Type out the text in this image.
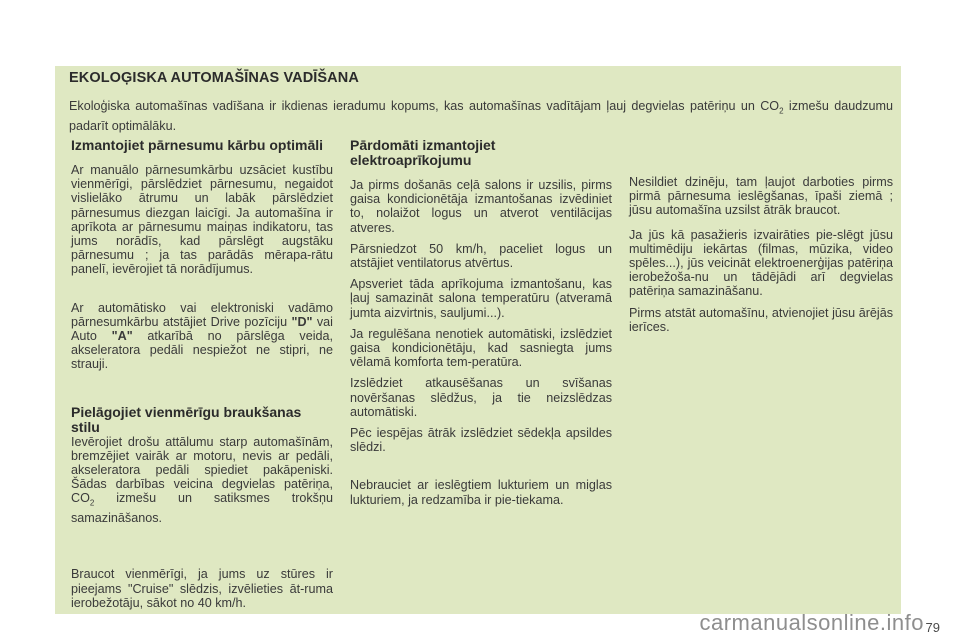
EKOLOĢISKA AUTOMAŠĪNAS VADĪŠANA

Ekoloģiska automašīnas vadīšana ir ikdienas ieradumu kopums, kas automašīnas vadītājam ļauj degvielas patēriņu un $CO_2$ izmešu daudzumu padarīt optimālāku.

Izmantojiet pārnesumu kārbu optimāli

Ar manuālo pārnesumkārbu uzsāciet kustību vienmērīgi, pārslēdziet pārnesumu, negaidot vislielāko ātrumu un labāk pārslēdziet pārnesumus diezgan laicīgi. Ja automašīna ir aprīkota ar pārnesumu maiņas indikatoru, tas jums norādīs, kad pārslēgt augstāku pārnesumu ; ja tas parādās mērapa-rātu panelī, ievērojiet tā norādījumus.

Ar automātisko vai elektroniski vadāmo pārnesumkārbu atstājiet Drive pozīciju "D" vai Auto "A" atkarībā no pārslēga veida, akseleratora pedāli nespiežot ne stipri, ne strauji.

Pielāgojiet vienmērīgu braukšanas stilu

Ievērojiet drošu attālumu starp automašīnām, bremzējiet vairāk ar motoru, nevis ar pedāli, akseleratora pedāli spiediet pakāpeniski. Šādas darbības veicina degvielas patēriņa, $CO_2$ izmešu un satiksmes trokšņu samazināšanos.

Braucot vienmērīgi, ja jums uz stūres ir pieejams "Cruise" slēdzis, izvēlieties āt-ruma ierobežotāju, sākot no 40 km/h.

Pārdomāti izmantojiet elektroaprīkojumu

Ja pirms došanās ceļā salons ir uzsilis, pirms gaisa kondicionētāja izmantošanas izvēdiniet to, nolaižot logus un atverot ventilācijas atveres.

Pārsniedzot 50 km/h, paceliet logus un atstājiet ventilatorus atvērtus.

Apsveriet tāda aprīkojuma izmantošanu, kas ļauj samazināt salona temperatūru (atveramā jumta aizvirtnis, sauljumi...).

Ja regulēšana nenotiek automātiski, izslēdziet gaisa kondicionētāju, kad sasniegta jums vēlamā komforta tem-peratūra.

Izslēdziet atkausēšanas un svīšanas novēršanas slēdžus, ja tie neizslēdzas automātiski.

Pēc iespējas ātrāk izslēdziet sēdekļa apsildes slēdzi.

Nebrauciet ar ieslēgtiem lukturiem un miglas lukturiem, ja redzamība ir pie-tiekama.

Nesildiet dzinēju, tam ļaujot darboties pirms pirmā pārnesuma ieslēgšanas, īpaši ziemā ; jūsu automašīna uzsilst ātrāk braucot.

Ja jūs kā pasažieris izvairāties pie-slēgt jūsu multimēdiju iekārtas (filmas, mūzika, video spēles...), jūs veicināt elektroenerģijas patēriņa ierobežoša-nu un tādējādi arī degvielas patēriņa samazināšanu.

Pirms atstāt automašīnu, atvienojiet jūsu ārējās ierīces.

79
carmanualsonline.info
